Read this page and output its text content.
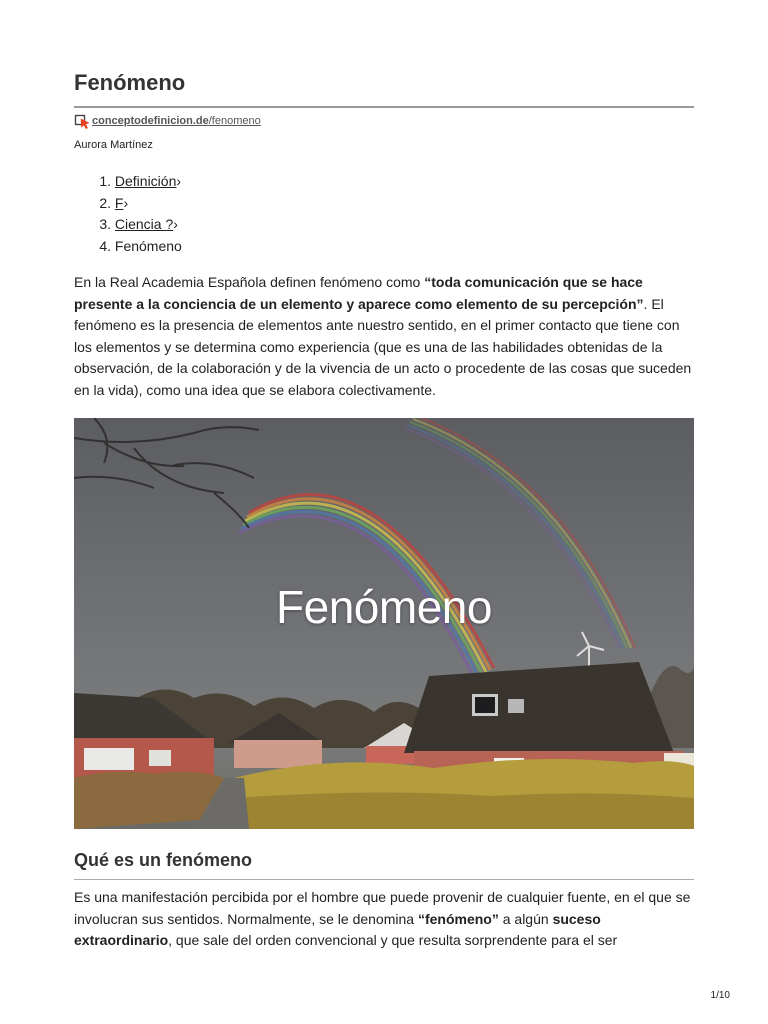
Fenómeno
conceptodefinicion.de/fenomeno
Aurora Martínez
1. Definición›
2. F›
3. Ciencia ?›
4. Fenómeno

En la Real Academia Española definen fenómeno como “toda comunicación que se hace presente a la conciencia de un elemento y aparece como elemento de su percepción”. El fenómeno es la presencia de elementos ante nuestro sentido, en el primer contacto que tiene con los elementos y se determina como experiencia (que es una de las habilidades obtenidas de la observación, de la colaboración y de la vivencia de un acto o procedente de las cosas que suceden en la vida), como una idea que se elabora colectivamente.

Fenómeno
Qué es un fenómeno

Es una manifestación percibida por el hombre que puede provenir de cualquier fuente, en el que se involucran sus sentidos. Normalmente, se le denomina “fenómeno” a algún suceso extraordinario, que sale del orden convencional y que resulta sorprendente para el ser

1/10
